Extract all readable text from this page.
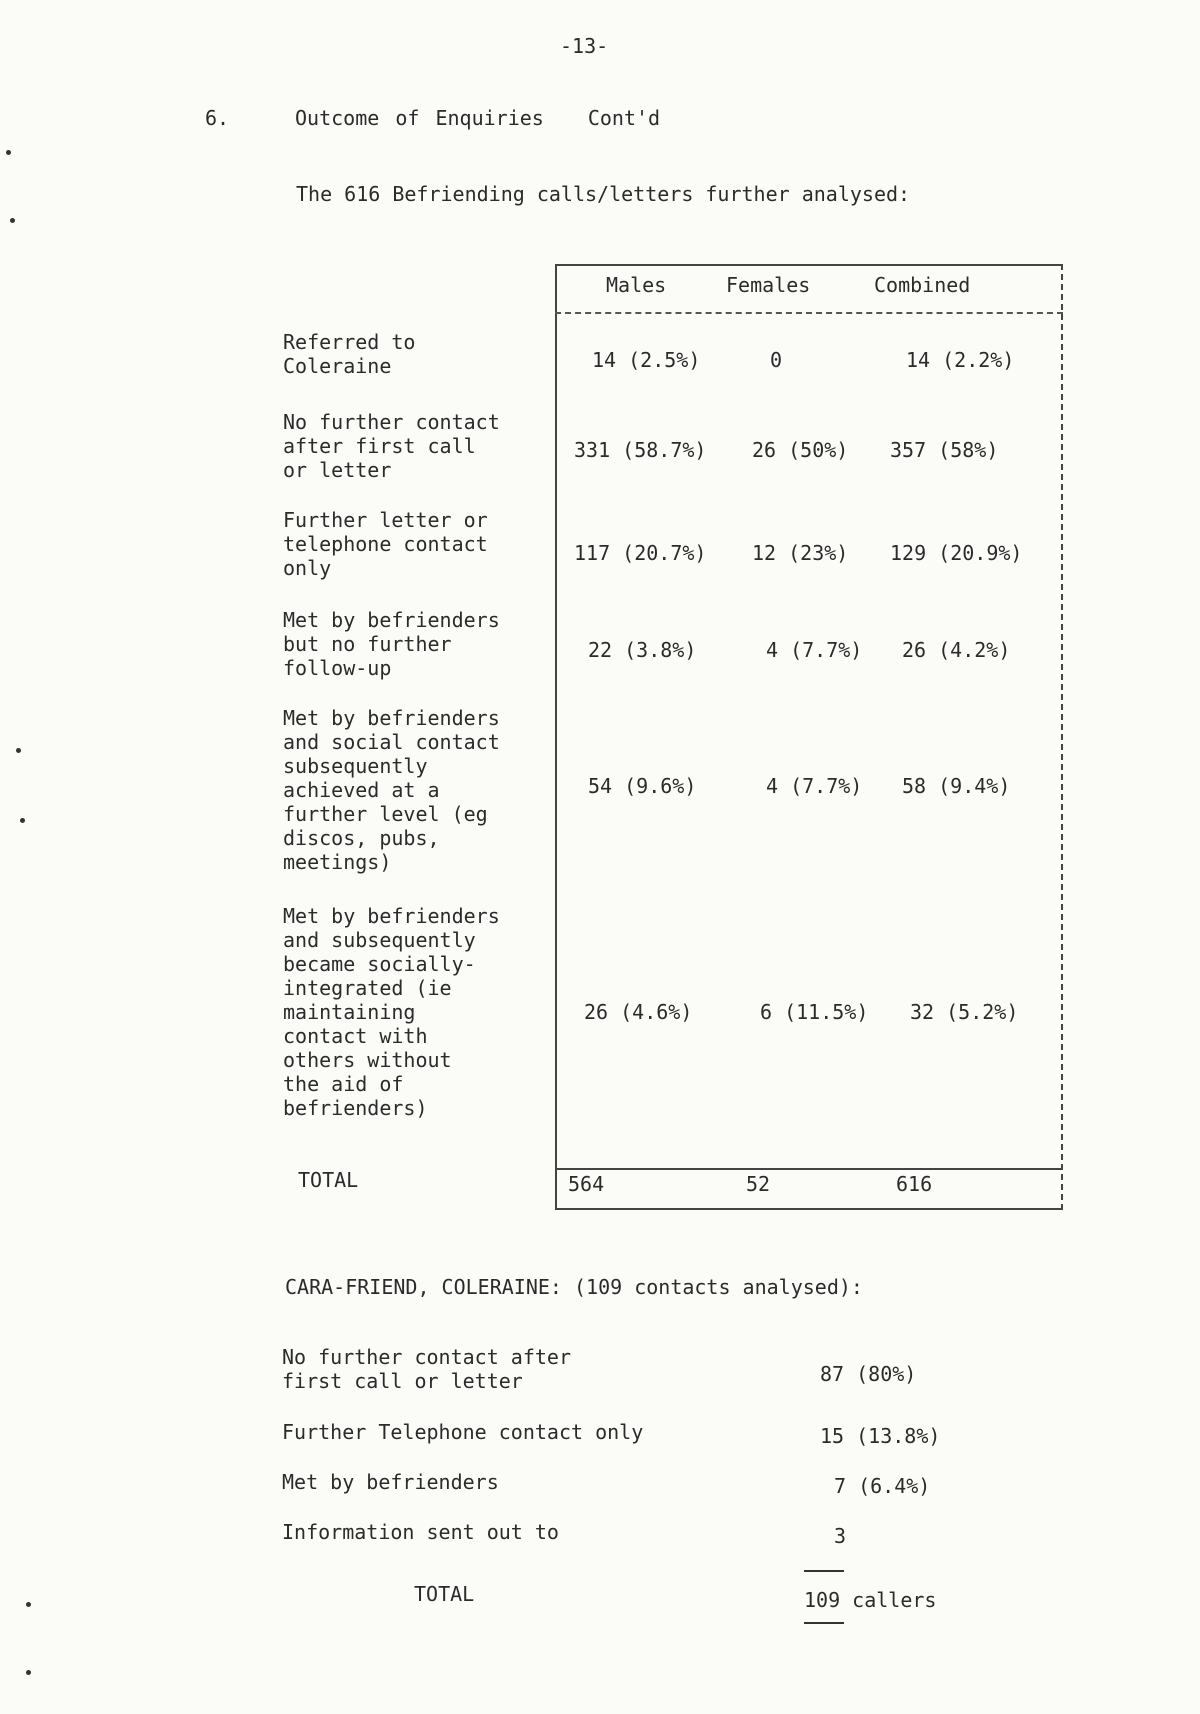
-13-
6.	Outcome of Enquiries Cont'd
The 616 Befriending calls/letters further analysed:
Males	Females	Combined
Referred to
Coleraine	14 (2.5%)	0	14 (2.2%)
No further contact
after first call
or letter
331 (58.7%) 26 (50%) 357 (58%)
Further letter or
telephone contact
only
117 (20.7%) 12 (23%) 129 (20.9%)
Met by befrienders
but no further
follow-up
22 (3.8%)	4 (7.7%) 26 (4.2%)
Met by befrienders
and social contact
subsequently
achieved at a
further level (eg
discos, pubs,
meetings)
54 (9.6%)	4 (7.7%) 58 (9.4%)
Met by befrienders
and subsequently
became socially-
integrated (ie
maintaining
contact with
others without
the aid of
befrienders)
26 (4.6%)	6 (11.5%) 32 (5.2%)
TOTAL	564	52	616
CARA-FRIEND, COLERAINE: (109 contacts analysed):
No further contact after
first call or letter	87 (80%)
Further Telephone contact only	15 (13.8%)
Met by befrienders	7 (6.4%)
Information sent out to	3
TOTAL	109 callers
